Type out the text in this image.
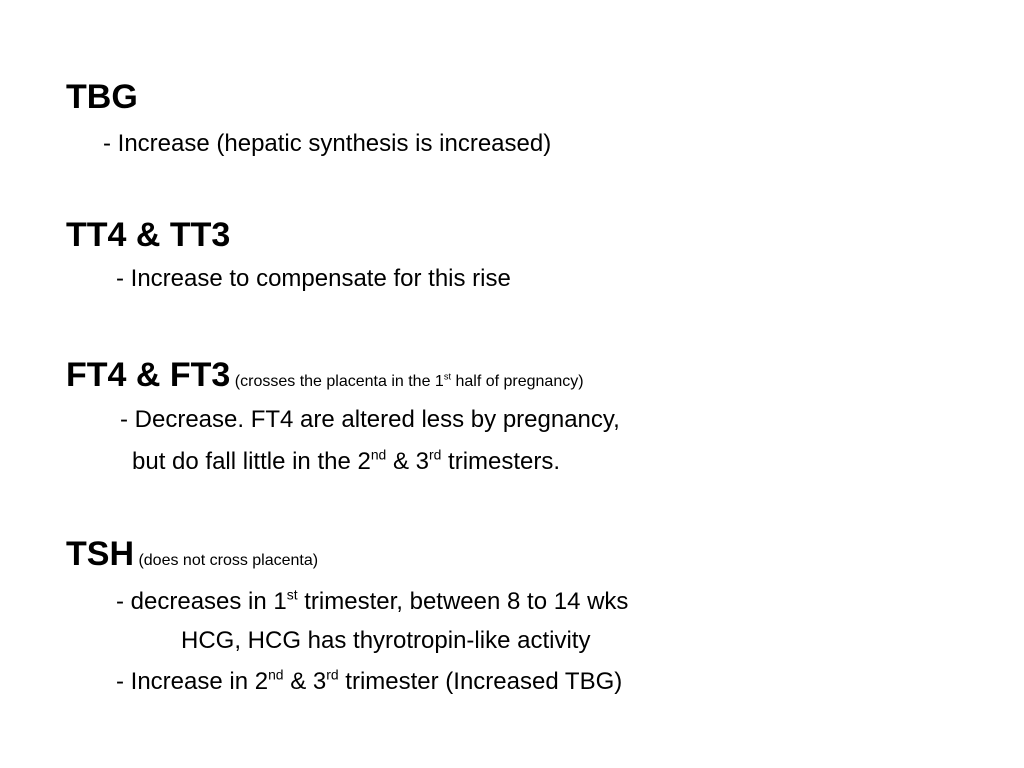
TBG
- Increase (hepatic synthesis is increased)
TT4 & TT3
- Increase to compensate for this rise
FT4 & FT3 (crosses the placenta in the 1st half of pregnancy)
- Decrease. FT4 are altered less by pregnancy,
but do fall little in the 2nd & 3rd trimesters.
TSH (does not cross placenta)
- decreases in 1st trimester, between 8 to 14 wks
HCG, HCG has thyrotropin-like activity
- Increase in 2nd & 3rd trimester (Increased TBG)
